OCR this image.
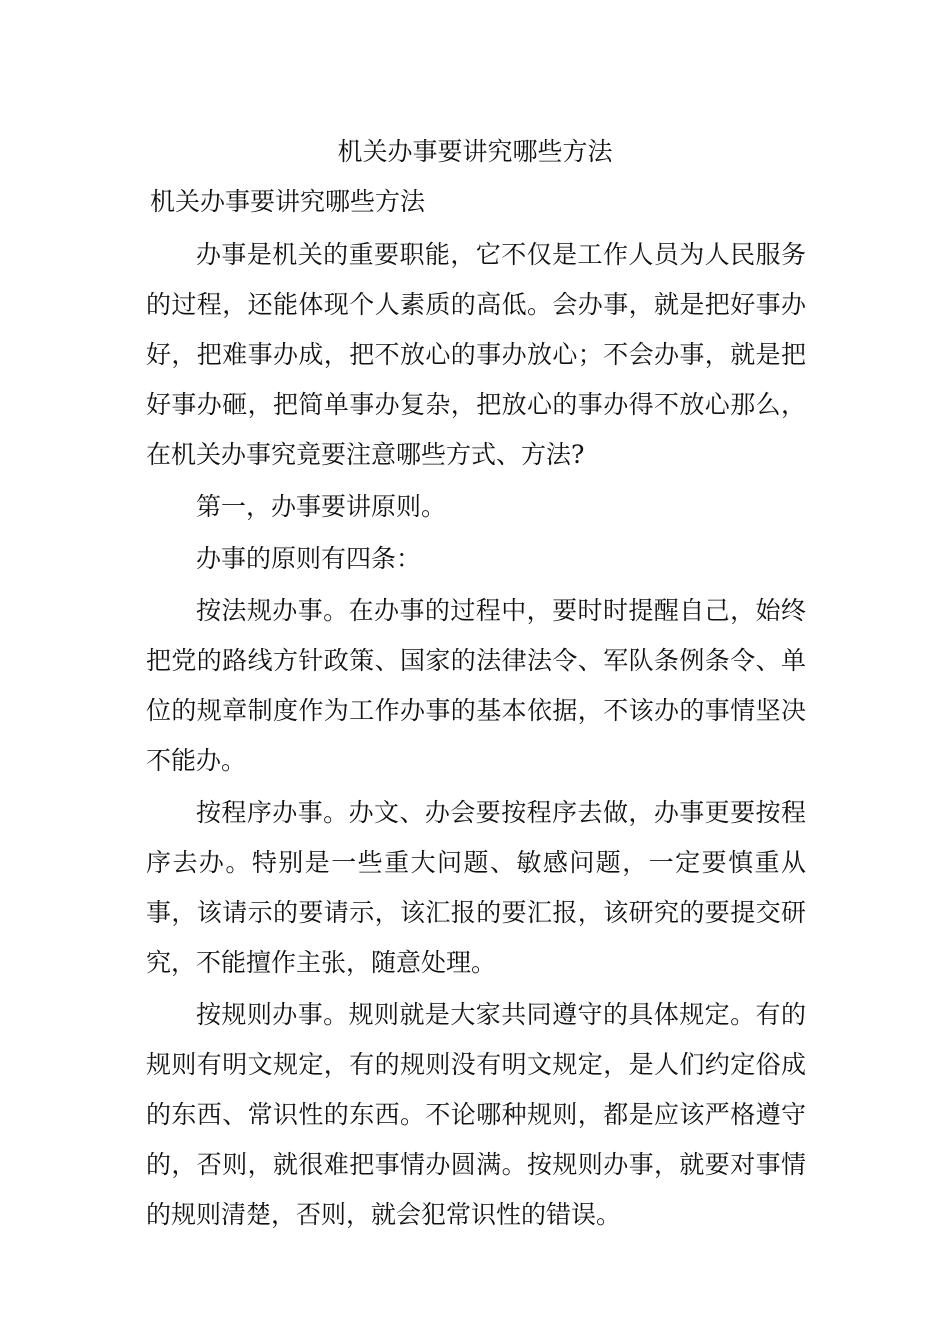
机关办事要讲究哪些方法
机关办事要讲究哪些方法

办事是机关的重要职能，它不仅是工作人员为人民服务的过程，还能体现个人素质的高低。会办事，就是把好事办好，把难事办成，把不放心的事办放心；不会办事，就是把好事办砸，把简单事办复杂，把放心的事办得不放心那么，在机关办事究竟要注意哪些方式、方法?

第一，办事要讲原则。

办事的原则有四条：

按法规办事。在办事的过程中，要时时提醒自己，始终把党的路线方针政策、国家的法律法令、军队条例条令、单位的规章制度作为工作办事的基本依据，不该办的事情坚决不能办。

按程序办事。办文、办会要按程序去做，办事更要按程序去办。特别是一些重大问题、敏感问题，一定要慎重从事，该请示的要请示，该汇报的要汇报，该研究的要提交研究，不能擅作主张，随意处理。

按规则办事。规则就是大家共同遵守的具体规定。有的规则有明文规定，有的规则没有明文规定，是人们约定俗成的东西、常识性的东西。不论哪种规则，都是应该严格遵守的，否则，就很难把事情办圆满。按规则办事，就要对事情的规则清楚，否则，就会犯常识性的错误。
